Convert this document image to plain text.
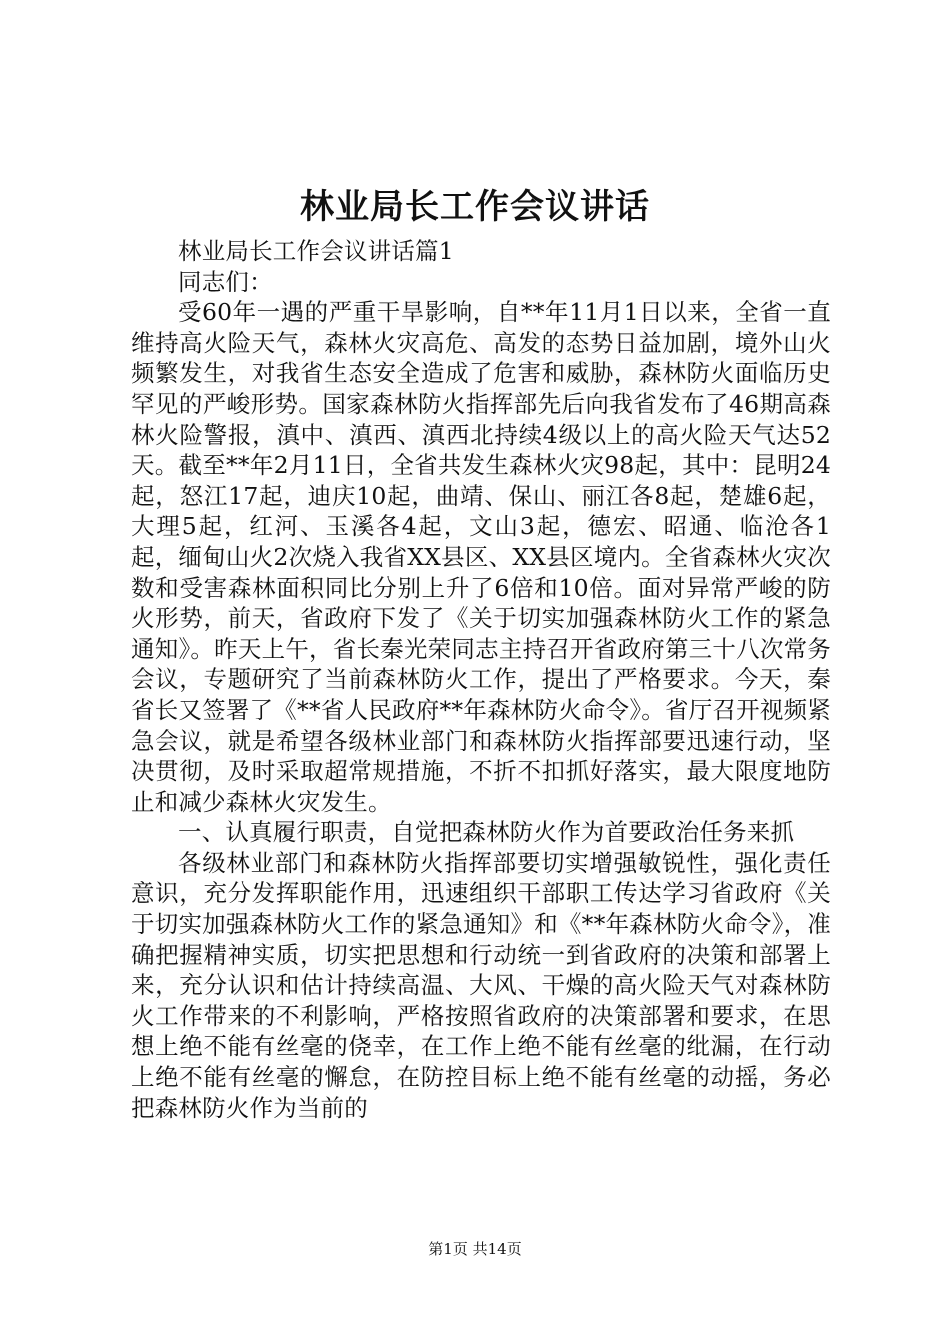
林业局长工作会议讲话

林业局长工作会议讲话篇1

同志们：

受60年一遇的严重干旱影响，自**年11月1日以来，全省一直维持高火险天气，森林火灾高危、高发的态势日益加剧，境外山火频繁发生，对我省生态安全造成了危害和威胁，森林防火面临历史罕见的严峻形势。国家森林防火指挥部先后向我省发布了46期高森林火险警报，滇中、滇西、滇西北持续4级以上的高火险天气达52天。截至**年2月11日，全省共发生森林火灾98起，其中：昆明24起，怒江17起，迪庆10起，曲靖、保山、丽江各8起，楚雄6起，大理5起，红河、玉溪各4起，文山3起，德宏、昭通、临沧各1起，缅甸山火2次烧入我省XX县区、XX县区境内。全省森林火灾次数和受害森林面积同比分别上升了6倍和10倍。面对异常严峻的防火形势，前天，省政府下发了《关于切实加强森林防火工作的紧急通知》。昨天上午，省长秦光荣同志主持召开省政府第三十八次常务会议，专题研究了当前森林防火工作，提出了严格要求。今天，秦省长又签署了《**省人民政府**年森林防火命令》。省厅召开视频紧急会议，就是希望各级林业部门和森林防火指挥部要迅速行动，坚决贯彻，及时采取超常规措施，不折不扣抓好落实，最大限度地防止和减少森林火灾发生。

一、认真履行职责，自觉把森林防火作为首要政治任务来抓

各级林业部门和森林防火指挥部要切实增强敏锐性，强化责任意识，充分发挥职能作用，迅速组织干部职工传达学习省政府《关于切实加强森林防火工作的紧急通知》和《**年森林防火命令》，准确把握精神实质，切实把思想和行动统一到省政府的决策和部署上来，充分认识和估计持续高温、大风、干燥的高火险天气对森林防火工作带来的不利影响，严格按照省政府的决策部署和要求，在思想上绝不能有丝毫的侥幸，在工作上绝不能有丝毫的纰漏，在行动上绝不能有丝毫的懈怠，在防控目标上绝不能有丝毫的动摇，务必把森林防火作为当前的

第1页 共14页
